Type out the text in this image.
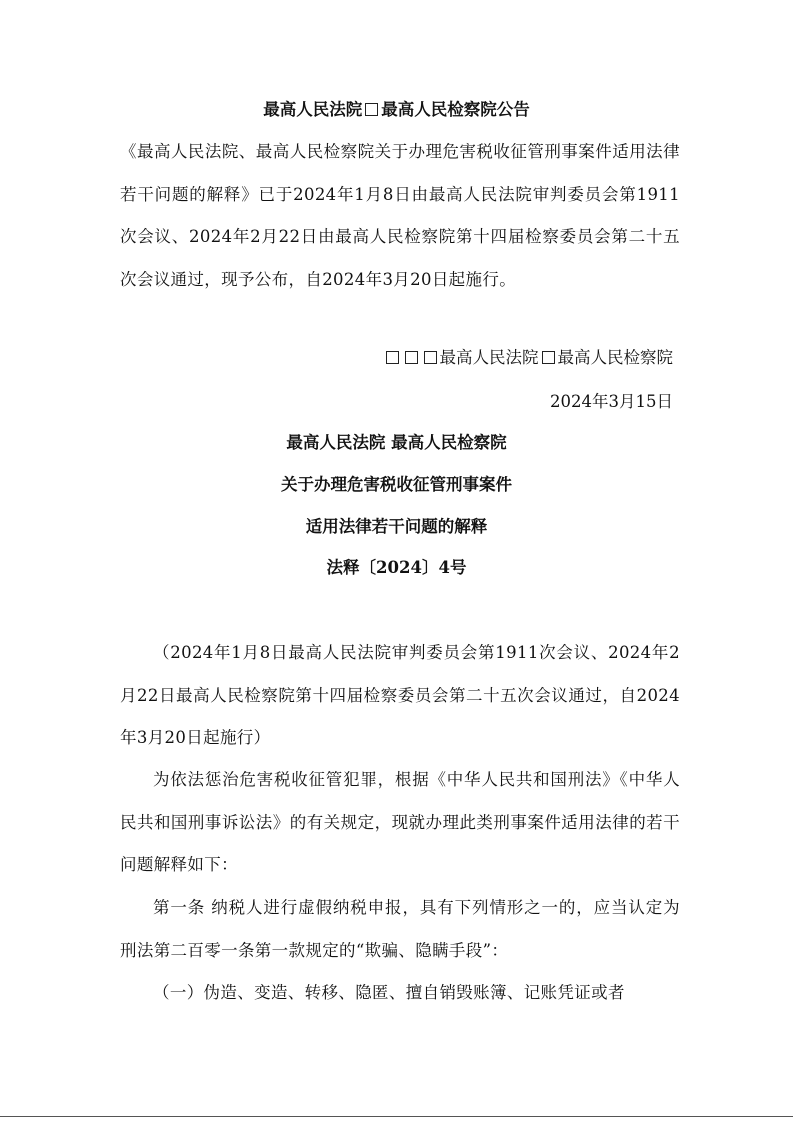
最高人民法院 最高人民检察院公告
《最高人民法院、最高人民检察院关于办理危害税收征管刑事案件适用法律若干问题的解释》已于2024年1月8日由最高人民法院审判委员会第1911次会议、2024年2月22日由最高人民检察院第十四届检察委员会第二十五次会议通过，现予公布，自2024年3月20日起施行。
最高人民法院 最高人民检察院
2024年3月15日
最高人民法院 最高人民检察院
关于办理危害税收征管刑事案件
适用法律若干问题的解释
法释〔2024〕4号
（2024年1月8日最高人民法院审判委员会第1911次会议、2024年2月22日最高人民检察院第十四届检察委员会第二十五次会议通过，自2024年3月20日起施行）
为依法惩治危害税收征管犯罪，根据《中华人民共和国刑法》《中华人民共和国刑事诉讼法》的有关规定，现就办理此类刑事案件适用法律的若干问题解释如下：
第一条 纳税人进行虚假纳税申报，具有下列情形之一的，应当认定为刑法第二百零一条第一款规定的“欺骗、隐瞒手段”：
（一）伪造、变造、转移、隐匿、擅自销毁账簿、记账凭证或者
